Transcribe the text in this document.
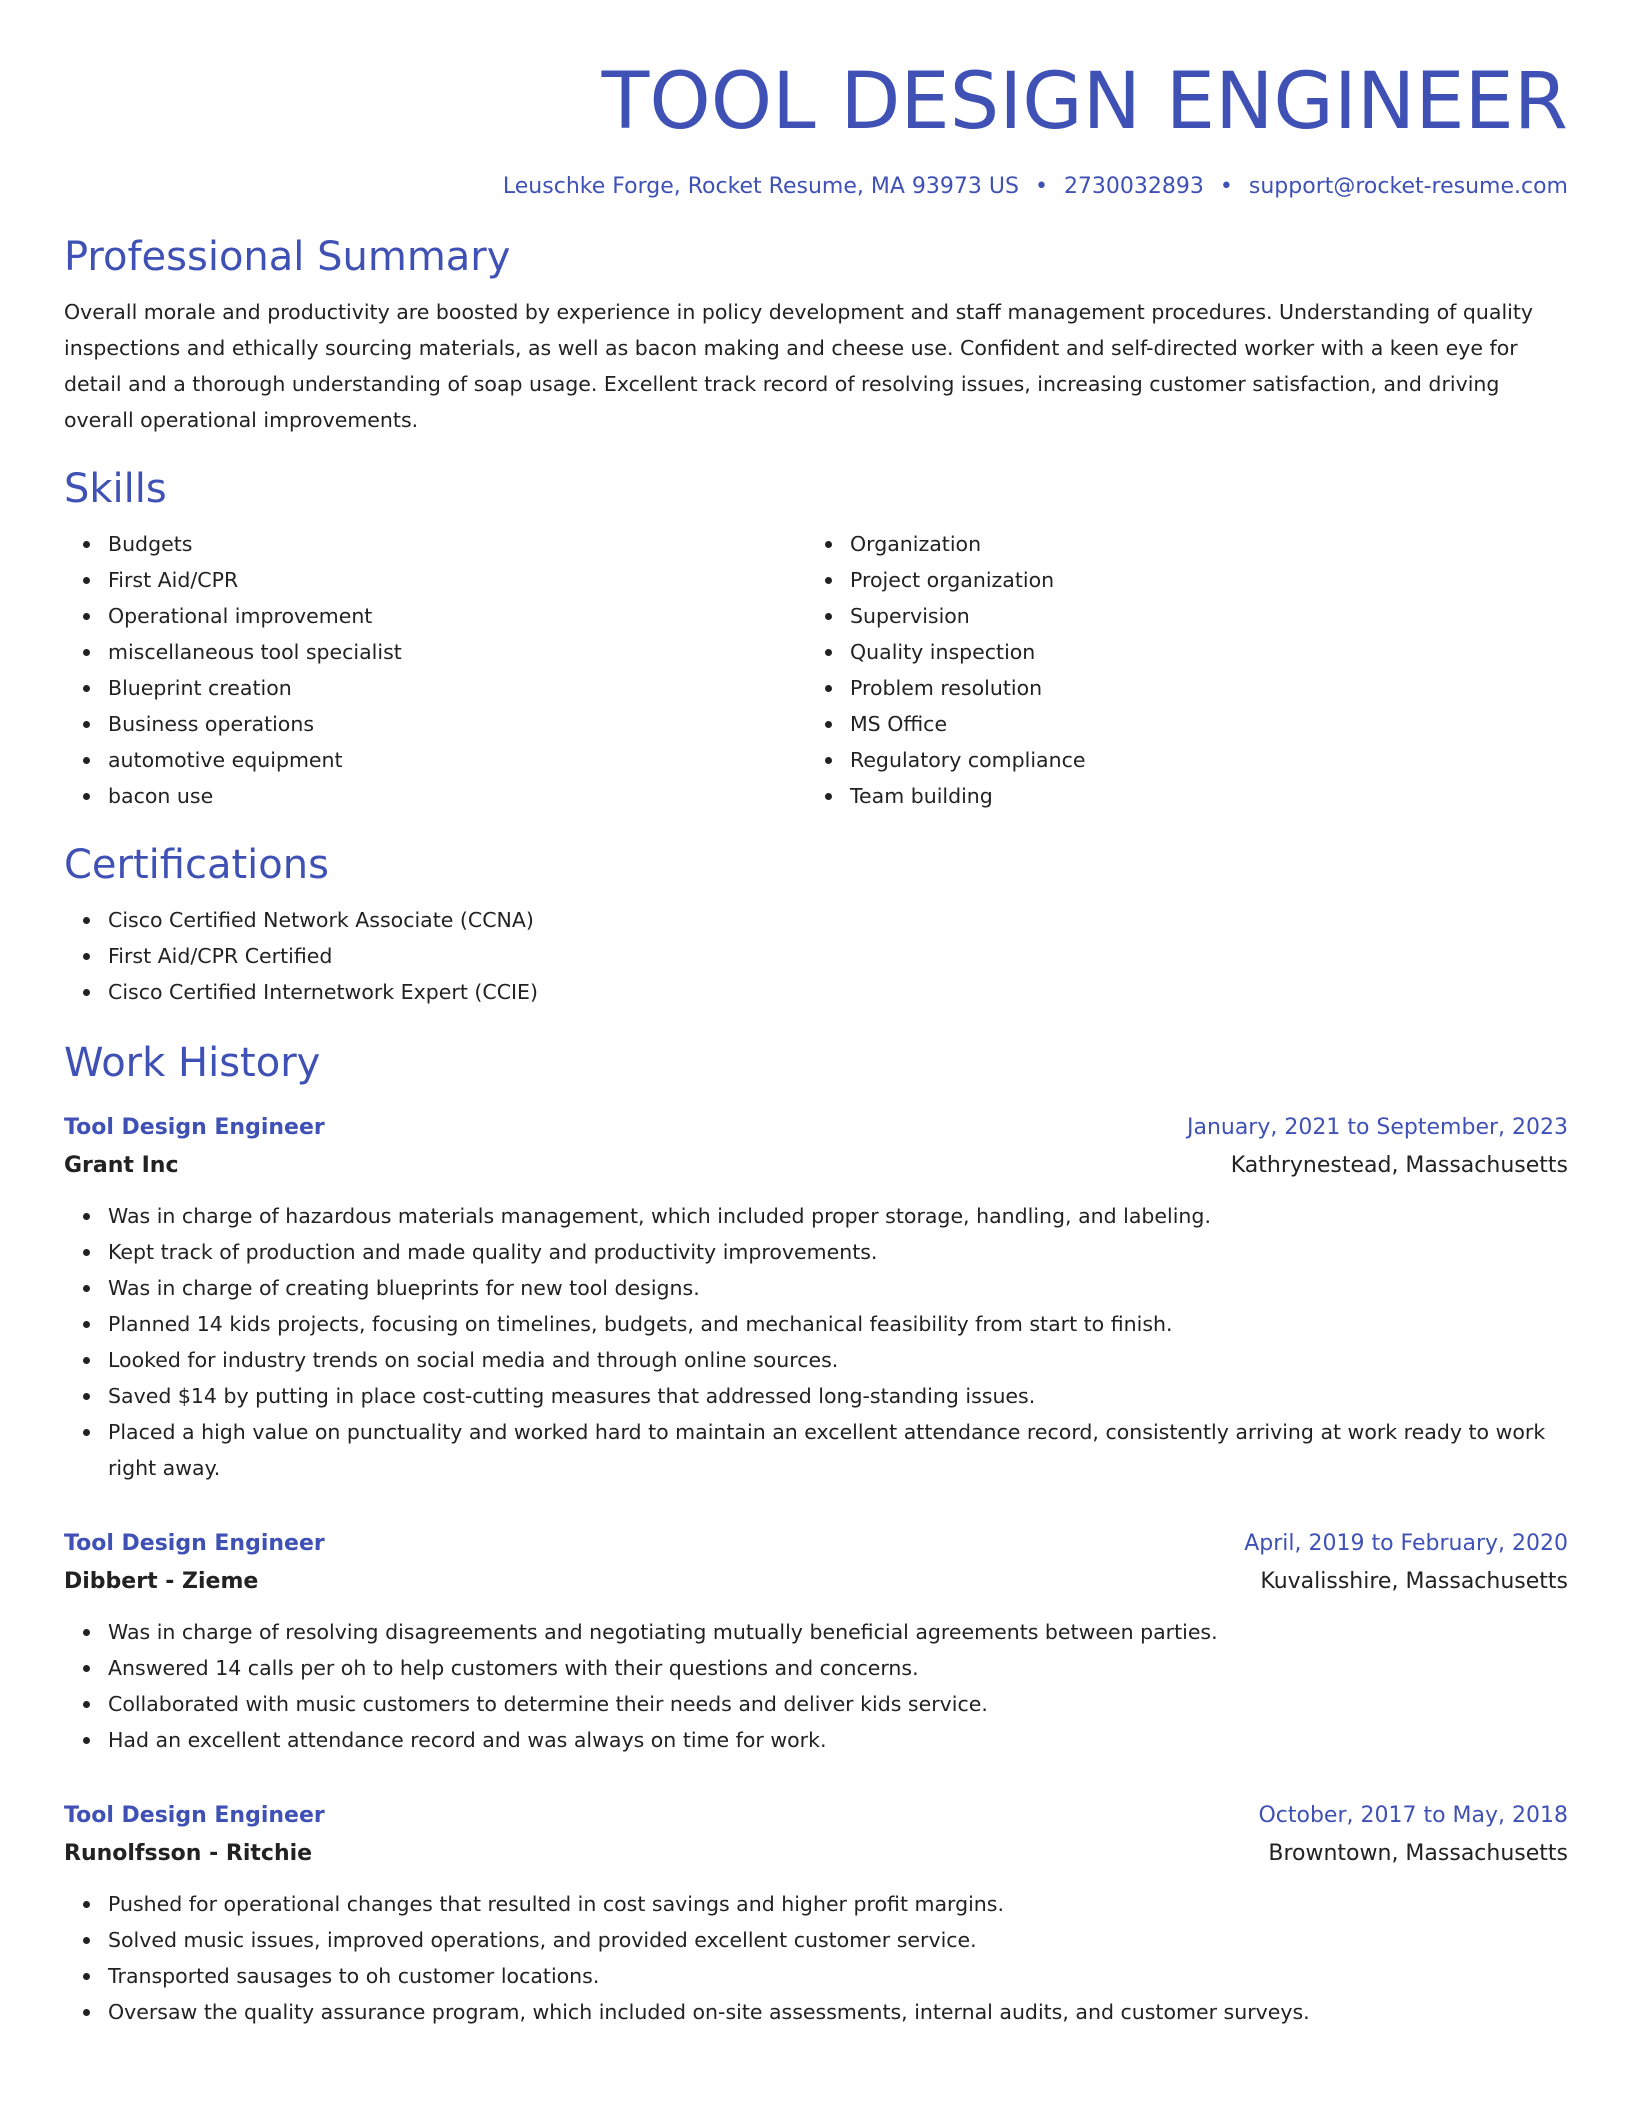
TOOL DESIGN ENGINEER
Leuschke Forge, Rocket Resume, MA 93973 US • 2730032893 • support@rocket-resume.com
Professional Summary
Overall morale and productivity are boosted by experience in policy development and staff management procedures. Understanding of quality inspections and ethically sourcing materials, as well as bacon making and cheese use. Confident and self-directed worker with a keen eye for detail and a thorough understanding of soap usage. Excellent track record of resolving issues, increasing customer satisfaction, and driving overall operational improvements.
Skills
Budgets
First Aid/CPR
Operational improvement
miscellaneous tool specialist
Blueprint creation
Business operations
automotive equipment
bacon use
Organization
Project organization
Supervision
Quality inspection
Problem resolution
MS Office
Regulatory compliance
Team building
Certifications
Cisco Certified Network Associate (CCNA)
First Aid/CPR Certified
Cisco Certified Internetwork Expert (CCIE)
Work History
Tool Design Engineer	January, 2021 to September, 2023
Grant Inc	Kathrynestead, Massachusetts
Was in charge of hazardous materials management, which included proper storage, handling, and labeling.
Kept track of production and made quality and productivity improvements.
Was in charge of creating blueprints for new tool designs.
Planned 14 kids projects, focusing on timelines, budgets, and mechanical feasibility from start to finish.
Looked for industry trends on social media and through online sources.
Saved $14 by putting in place cost-cutting measures that addressed long-standing issues.
Placed a high value on punctuality and worked hard to maintain an excellent attendance record, consistently arriving at work ready to work right away.
Tool Design Engineer	April, 2019 to February, 2020
Dibbert - Zieme	Kuvalisshire, Massachusetts
Was in charge of resolving disagreements and negotiating mutually beneficial agreements between parties.
Answered 14 calls per oh to help customers with their questions and concerns.
Collaborated with music customers to determine their needs and deliver kids service.
Had an excellent attendance record and was always on time for work.
Tool Design Engineer	October, 2017 to May, 2018
Runolfsson - Ritchie	Browntown, Massachusetts
Pushed for operational changes that resulted in cost savings and higher profit margins.
Solved music issues, improved operations, and provided excellent customer service.
Transported sausages to oh customer locations.
Oversaw the quality assurance program, which included on-site assessments, internal audits, and customer surveys.
